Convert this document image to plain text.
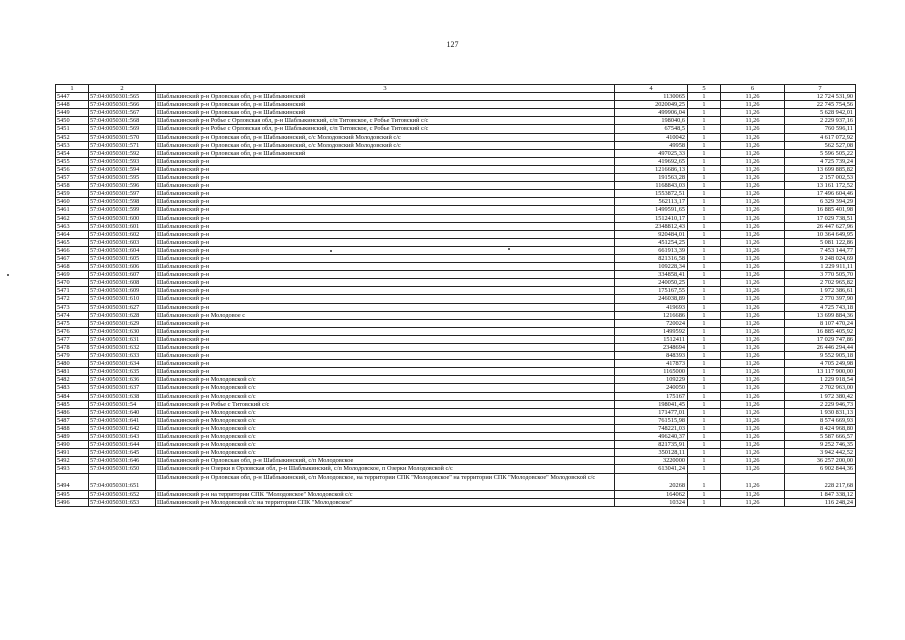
127
1	2	3	4	5	6	7
5447	57:04:0050301:565	Шаблыкинский р-н Орловская обл, р-н Шаблыкинский	1130065	1	11,26	12 724 531,90
5448	57:04:0050301:566	Шаблыкинский р-н Орловская обл, р-н Шаблыкинский	2020049,25	1	11,26	22 745 754,56
5449	57:04:0050301:567	Шаблыкинский р-н Орловская обл, р-н Шаблыкинский	499906,04	1	11,26	5 628 942,01
5450	57:04:0050301:568	Шаблыкинский р-н Робье с Орловская обл, р-н Шаблыкинский, с/п Титовское, с Робье Титовский с/с	198040,6	1	11,26	2 229 937,16
5451	57:04:0050301:569	Шаблыкинский р-н Робье с Орловская обл, р-н Шаблыкинский, с/п Титовское, с Робье Титовский с/с	67548,5	1	11,26	760 596,11
5452	57:04:0050301:570	Шаблыкинский р-н Орловская обл, р-н Шаблыкинский, с/с Молодовский Молодовский с/с	410042	1	11,26	4 617 072,92
5453	57:04:0050301:571	Шаблыкинский р-н Орловская обл, р-н Шаблыкинский, с/с Молодовский Молодовский с/с	49958	1	11,26	562 527,08
5454	57:04:0050301:592	Шаблыкинский р-н Орловская обл, р-н Шаблыкинский	497025,33	1	11,26	5 596 505,22
5455	57:04:0050301:593	Шаблыкинский р-н	419692,65	1	11,26	4 725 739,24
5456	57:04:0050301:594	Шаблыкинский р-н	1216686,13	1	11,26	13 699 885,82
5457	57:04:0050301:595	Шаблыкинский р-н	191563,28	1	11,26	2 157 002,53
5458	57:04:0050301:596	Шаблыкинский р-н	1168843,03	1	11,26	13 161 172,52
5459	57:04:0050301:597	Шаблыкинский р-н	1553872,51	1	11,26	17 496 604,46
5460	57:04:0050301:598	Шаблыкинский р-н	562113,17	1	11,26	6 329 394,29
5461	57:04:0050301:599	Шаблыкинский р-н	1499591,65	1	11,26	16 885 401,98
5462	57:04:0050301:600	Шаблыкинский р-н	1512410,17	1	11,26	17 029 738,51
5463	57:04:0050301:601	Шаблыкинский р-н	2348812,43	1	11,26	26 447 627,96
5464	57:04:0050301:602	Шаблыкинский р-н	920484,01	1	11,26	10 364 649,95
5465	57:04:0050301:603	Шаблыкинский р-н	451254,25	1	11,26	5 081 122,86
5466	57:04:0050301:604	Шаблыкинский р-н	661913,39	1	11,26	7 453 144,77
5467	57:04:0050301:605	Шаблыкинский р-н	821316,58	1	11,26	9 248 024,69
5468	57:04:0050301:606	Шаблыкинский р-н	109228,34	1	11,26	1 229 911,11
5469	57:04:0050301:607	Шаблыкинский р-н	334858,41	1	11,26	3 770 505,70
5470	57:04:0050301:608	Шаблыкинский р-н	240050,25	1	11,26	2 702 965,82
5471	57:04:0050301:609	Шаблыкинский р-н	175167,55	1	11,26	1 972 386,61
5472	57:04:0050301:610	Шаблыкинский р-н	246038,89	1	11,26	2 770 397,90
5473	57:04:0050301:627	Шаблыкинский р-н	419693	1	11,26	4 725 743,18
5474	57:04:0050301:628	Шаблыкинский р-н Молодовое с	1216686	1	11,26	13 699 884,36
5475	57:04:0050301:629	Шаблыкинский р-н	720024	1	11,26	8 107 470,24
5476	57:04:0050301:630	Шаблыкинский р-н	1499592	1	11,26	16 885 405,92
5477	57:04:0050301:631	Шаблыкинский р-н	1512411	1	11,26	17 029 747,86
5478	57:04:0050301:632	Шаблыкинский р-н	2348694	1	11,26	26 446 294,44
5479	57:04:0050301:633	Шаблыкинский р-н	848393	1	11,26	9 552 905,18
5480	57:04:0050301:634	Шаблыкинский р-н	417873	1	11,26	4 705 249,98
5481	57:04:0050301:635	Шаблыкинский р-н	1165000	1	11,26	13 117 900,00
5482	57:04:0050301:636	Шаблыкинский р-н Молодовской с/с	109229	1	11,26	1 229 918,54
5483	57:04:0050301:637	Шаблыкинский р-н Молодовской с/с	240050	1	11,26	2 702 963,00
5484	57:04:0050301:638	Шаблыкинский р-н Молодовской с/с	175167	1	11,26	1 972 380,42
5485	57:04:0050301:54	Шаблыкинский р-н Робье с Титовский с/с	198041,45	1	11,26	2 229 946,73
5486	57:04:0050301:640	Шаблыкинский р-н Молодовской с/с	171477,01	1	11,26	1 930 831,13
5487	57:04:0050301:641	Шаблыкинский р-н Молодовской с/с	761515,98	1	11,26	8 574 669,93
5488	57:04:0050301:642	Шаблыкинский р-н Молодовской с/с	748221,03	1	11,26	8 424 968,80
5489	57:04:0050301:643	Шаблыкинский р-н Молодовской с/с	496240,37	1	11,26	5 587 666,57
5490	57:04:0050301:644	Шаблыкинский р-н Молодовской с/с	821735,91	1	11,26	9 252 746,35
5491	57:04:0050301:645	Шаблыкинский р-н Молодовской с/с	350128,11	1	11,26	3 942 442,52
5492	57:04:0050301:646	Шаблыкинский р-н Орловская обл, р-н Шаблыкинский, с/п Молодовское	3220000	1	11,26	36 257 200,00
5493	57:04:0050301:650	Шаблыкинский р-н Озерки в Орловская обл, р-н Шаблыкинский, с/п Молодовское, п Озерки Молодовской с/с	613041,24	1	11,26	6 902 844,36
5494	57:04:0050301:651	Шаблыкинский р-н Орловская обл, р-н Шаблыкинский, с/п Молодовское, на территории СПК "Молодовское" на территории СПК "Молодовское" Молодовской с/с	20268	1	11,26	228 217,68
5495	57:04:0050301:652	Шаблыкинский р-н на территории СПК "Молодовское" Молодовской с/с	164062	1	11,26	1 847 338,12
5496	57:04:0050301:653	Шаблыкинский р-н Молодовской с/с на территории СПК "Молодовское"	10324	1	11,26	116 248,24
